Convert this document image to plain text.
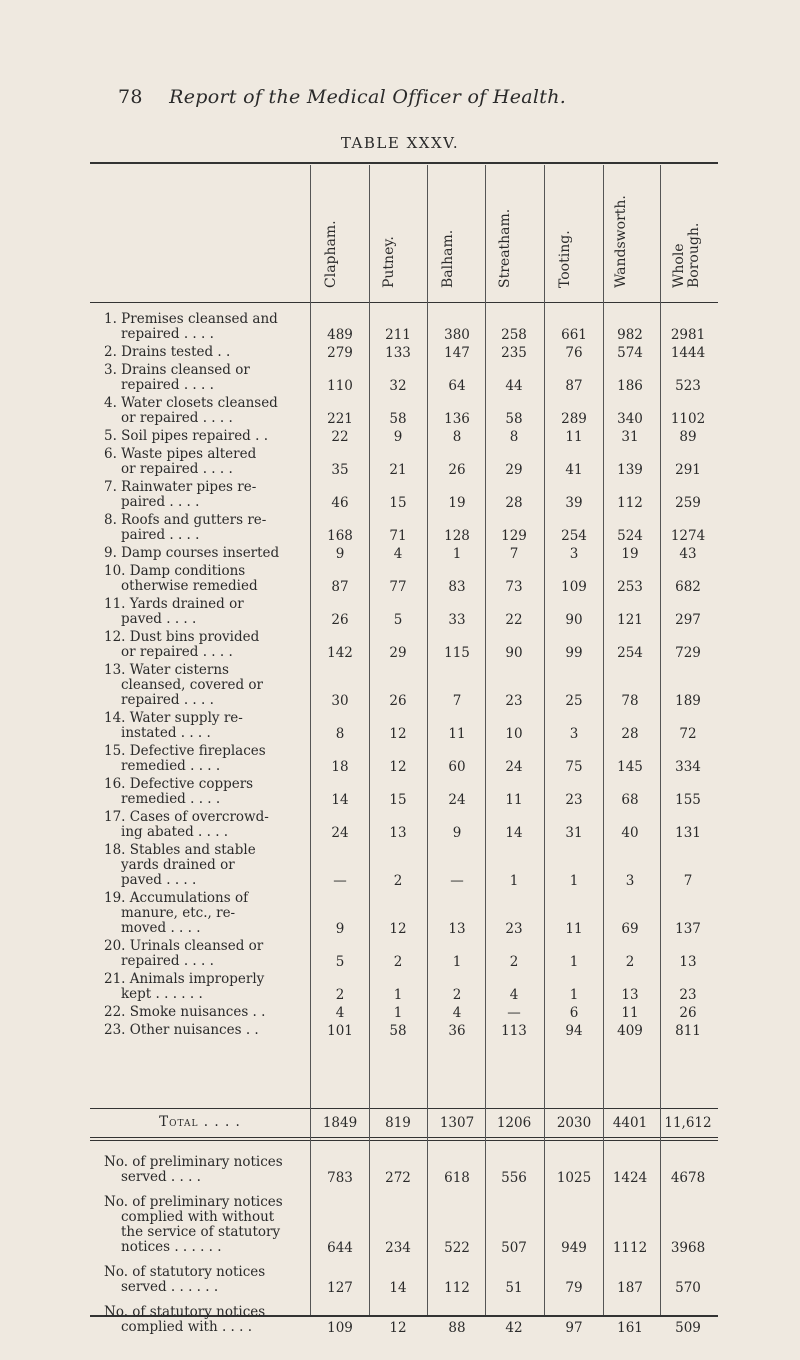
78 Report of the Medical Officer of Health.
TABLE XXXV.
Clapham.	Putney.	Balham.	Streatham.	Tooting.	Wandsworth.	Whole
Borough.
1. Premises cleansed and
repaired . . . .	489	211	380	258	661	982	2981
2. Drains tested . .	279	133	147	235	76	574	1444
3. Drains cleansed or
repaired . . . .	110	32	64	44	87	186	523
4. Water closets cleansed
or repaired . . . .	221	58	136	58	289	340	1102
5. Soil pipes repaired . .	22	9	8	8	11	31	89
6. Waste pipes altered
or repaired . . . .	35	21	26	29	41	139	291
7. Rainwater pipes re-
paired . . . .	46	15	19	28	39	112	259
8. Roofs and gutters re-
paired . . . .	168	71	128	129	254	524	1274
9. Damp courses inserted	9	4	1	7	3	19	43
10. Damp conditions
otherwise remedied	87	77	83	73	109	253	682
11. Yards drained or
paved . . . .	26	5	33	22	90	121	297
12. Dust bins provided
or repaired . . . .	142	29	115	90	99	254	729
13. Water cisterns
cleansed, covered or
repaired . . . .	30	26	7	23	25	78	189
14. Water supply re-
instated . . . .	8	12	11	10	3	28	72
15. Defective fireplaces
remedied . . . .	18	12	60	24	75	145	334
16. Defective coppers
remedied . . . .	14	15	24	11	23	68	155
17. Cases of overcrowd-
ing abated . . . .	24	13	9	14	31	40	131
18. Stables and stable
yards drained or
paved . . . .	—	2	—	1	1	3	7
19. Accumulations of
manure, etc., re-
moved . . . .	9	12	13	23	11	69	137
20. Urinals cleansed or
repaired . . . .	5	2	1	2	1	2	13
21. Animals improperly
kept . . . . . .	2	1	2	4	1	13	23
22. Smoke nuisances . .	4	1	4	—	6	11	26
23. Other nuisances . .	101	58	36	113	94	409	811
Total . . . .	1849	819	1307	1206	2030	4401	11,612
No. of preliminary notices
served . . . .	783	272	618	556	1025	1424	4678
No. of preliminary notices
complied with without
the service of statutory
notices . . . . . .	644	234	522	507	949	1112	3968
No. of statutory notices
served . . . . . .	127	14	112	51	79	187	570
No. of statutory notices
complied with . . . .	109	12	88	42	97	161	509
